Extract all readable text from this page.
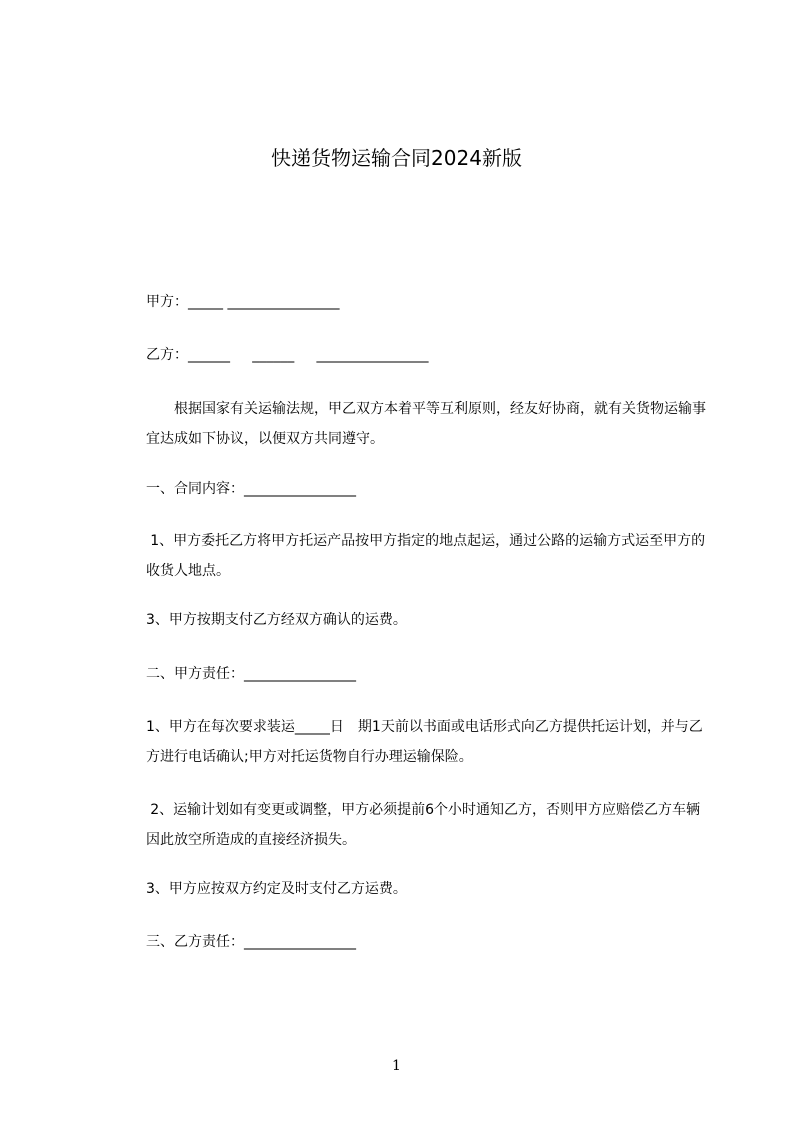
快递货物运输合同2024新版
甲方：_____ ________________
乙方：______     ______     ________________
根据国家有关运输法规，甲乙双方本着平等互利原则，经友好协商，就有关货物运输事宜达成如下协议，以便双方共同遵守。
一、合同内容：________________
1、甲方委托乙方将甲方托运产品按甲方指定的地点起运，通过公路的运输方式运至甲方的收货人地点。
3、甲方按期支付乙方经双方确认的运费。
二、甲方责任：________________
1、甲方在每次要求装运_____日　期1天前以书面或电话形式向乙方提供托运计划，并与乙方进行电话确认;甲方对托运货物自行办理运输保险。
2、运输计划如有变更或调整，甲方必须提前6个小时通知乙方，否则甲方应赔偿乙方车辆因此放空所造成的直接经济损失。
3、甲方应按双方约定及时支付乙方运费。
三、乙方责任：________________
1
